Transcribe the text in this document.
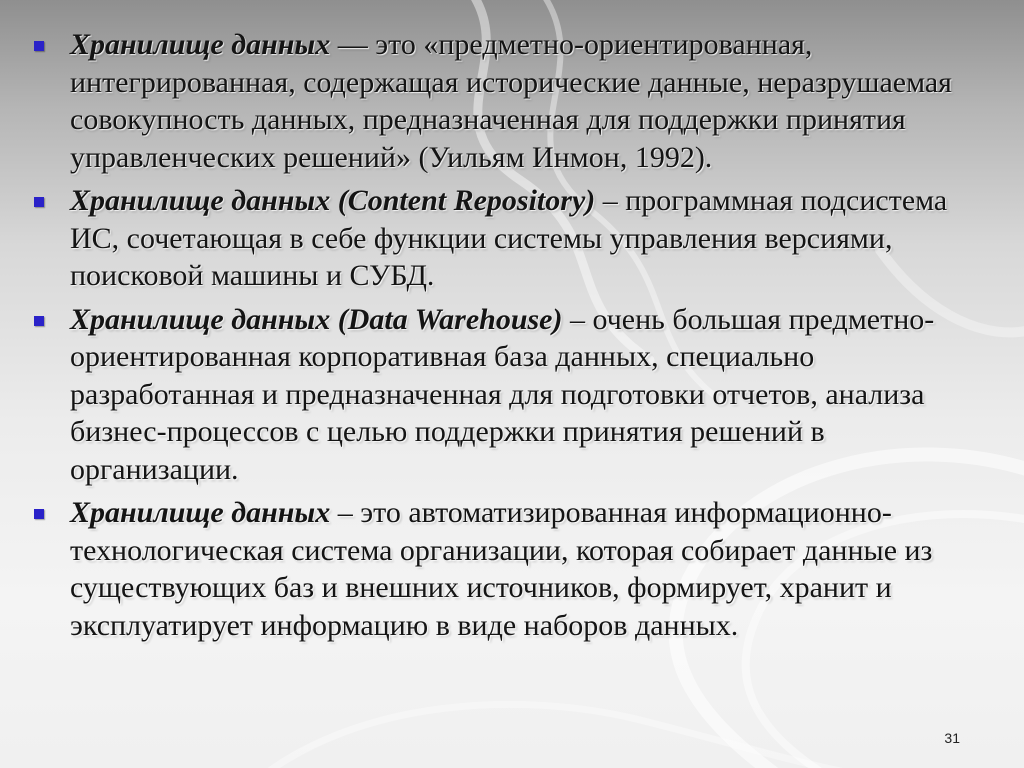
Хранилище данных — это «предметно-ориентированная, интегрированная, содержащая исторические данные, неразрушаемая совокупность данных, предназначенная для поддержки принятия управленческих решений» (Уильям Инмон, 1992).
Хранилище данных (Content Repository) – программная подсистема ИС, сочетающая в себе функции системы управления версиями, поисковой машины и СУБД.
Хранилище данных (Data Warehouse) – очень большая предметно-ориентированная корпоративная база данных, специально разработанная и предназначенная для подготовки отчетов, анализа бизнес-процессов с целью поддержки принятия решений в организации.
Хранилище данных – это автоматизированная информационно-технологическая система организации, которая собирает данные из существующих баз и внешних источников, формирует, хранит и эксплуатирует информацию в виде наборов данных.
31
